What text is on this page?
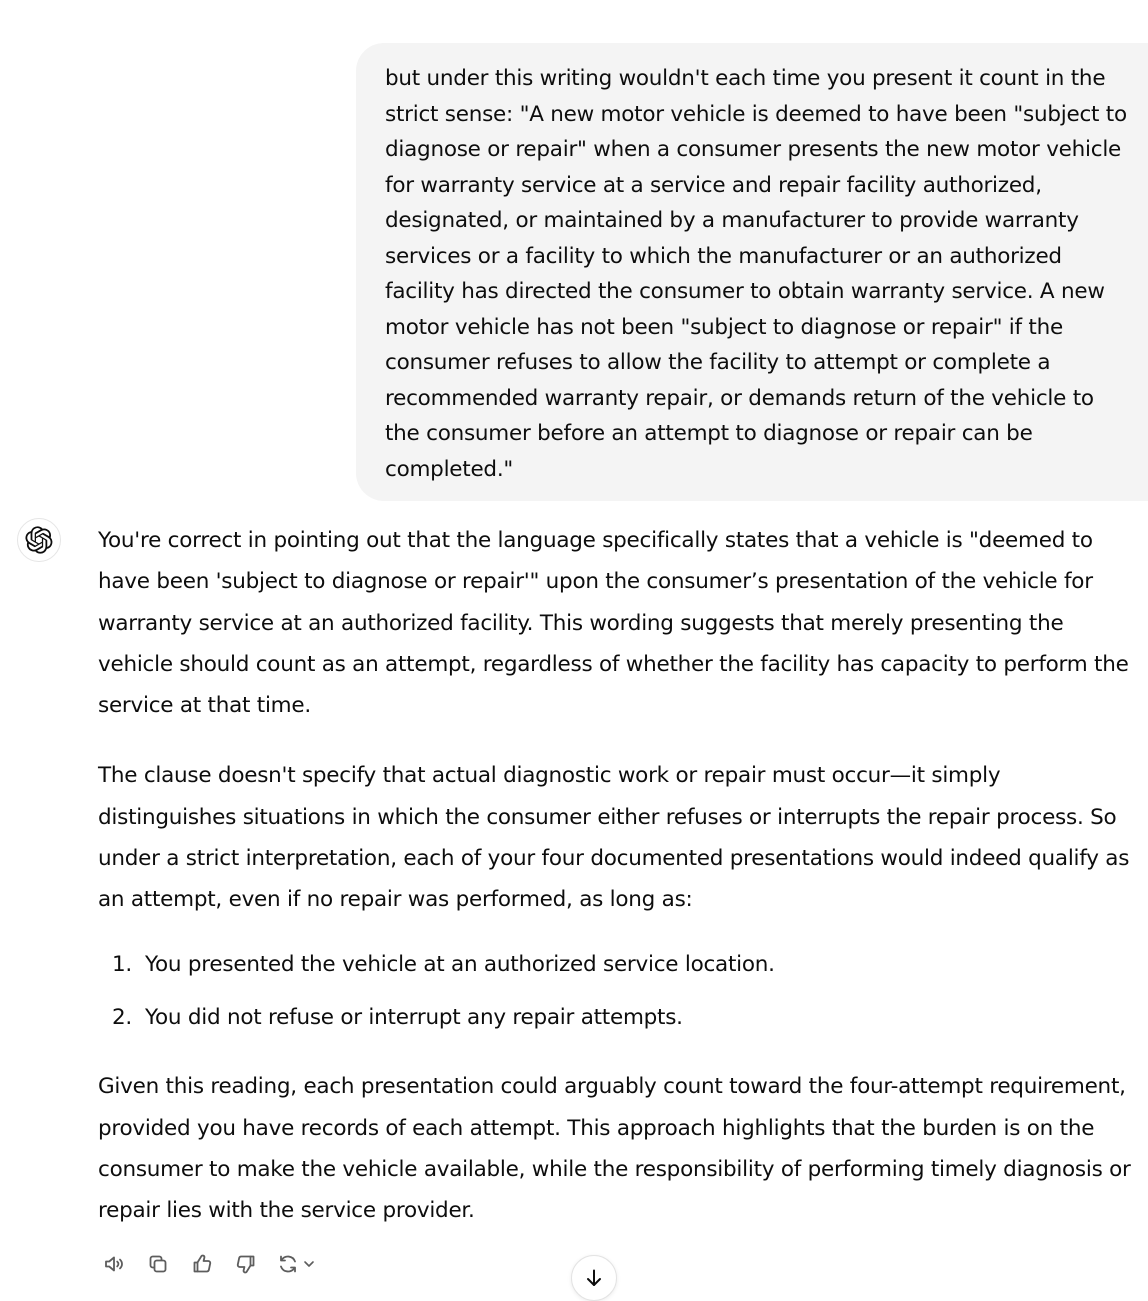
but under this writing wouldn't each time you present it count in the strict sense: "A new motor vehicle is deemed to have been "subject to diagnose or repair" when a consumer presents the new motor vehicle for warranty service at a service and repair facility authorized, designated, or maintained by a manufacturer to provide warranty services or a facility to which the manufacturer or an authorized facility has directed the consumer to obtain warranty service. A new motor vehicle has not been "subject to diagnose or repair" if the consumer refuses to allow the facility to attempt or complete a recommended warranty repair, or demands return of the vehicle to the consumer before an attempt to diagnose or repair can be completed."

You're correct in pointing out that the language specifically states that a vehicle is "deemed to have been 'subject to diagnose or repair'" upon the consumer’s presentation of the vehicle for warranty service at an authorized facility. This wording suggests that merely presenting the vehicle should count as an attempt, regardless of whether the facility has capacity to perform the service at that time.

The clause doesn't specify that actual diagnostic work or repair must occur—it simply distinguishes situations in which the consumer either refuses or interrupts the repair process. So under a strict interpretation, each of your four documented presentations would indeed qualify as an attempt, even if no repair was performed, as long as:

1. You presented the vehicle at an authorized service location.
2. You did not refuse or interrupt any repair attempts.

Given this reading, each presentation could arguably count toward the four-attempt requirement, provided you have records of each attempt. This approach highlights that the burden is on the consumer to make the vehicle available, while the responsibility of performing timely diagnosis or repair lies with the service provider.
